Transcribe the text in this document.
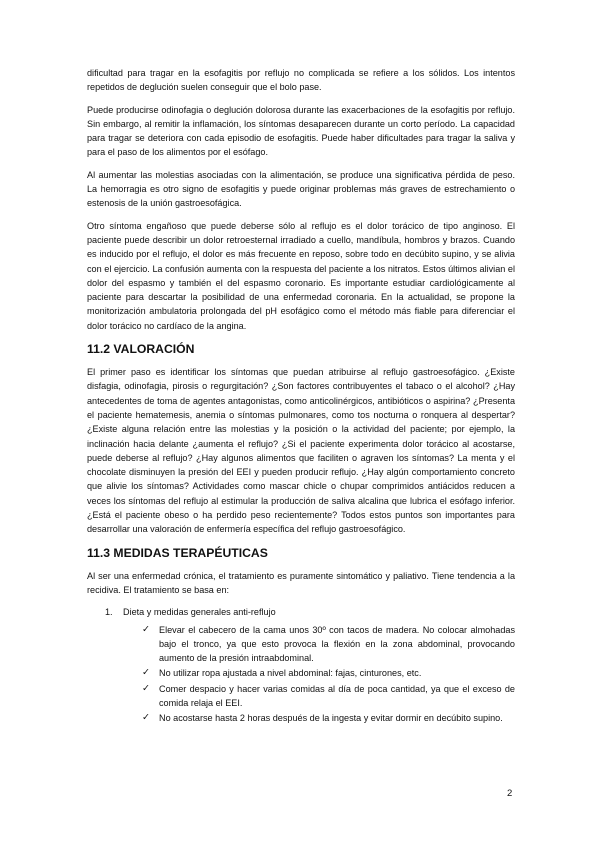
dificultad para tragar en la esofagitis por reflujo no complicada se refiere a los sólidos. Los intentos repetidos de deglución suelen conseguir que el bolo pase.

Puede producirse odinofagia o deglución dolorosa durante las exacerbaciones de la esofagitis por reflujo. Sin embargo, al remitir la inflamación, los síntomas desaparecen durante un corto período. La capacidad para tragar se deteriora con cada episodio de esofagitis. Puede haber dificultades para tragar la saliva y para el paso de los alimentos por el esófago.

Al aumentar las molestias asociadas con la alimentación, se produce una significativa pérdida de peso. La hemorragia es otro signo de esofagitis y puede originar problemas más graves de estrechamiento o estenosis de la unión gastroesofágica.

Otro síntoma engañoso que puede deberse sólo al reflujo es el dolor torácico de tipo anginoso. El paciente puede describir un dolor retroesternal irradiado a cuello, mandíbula, hombros y brazos. Cuando es inducido por el reflujo, el dolor es más frecuente en reposo, sobre todo en decúbito supino, y se alivia con el ejercicio. La confusión aumenta con la respuesta del paciente a los nitratos. Estos últimos alivian el dolor del espasmo y también el del espasmo coronario. Es importante estudiar cardiológicamente al paciente para descartar la posibilidad de una enfermedad coronaria. En la actualidad, se propone la monitorización ambulatoria prolongada del pH esofágico como el método más fiable para diferenciar el dolor torácico no cardíaco de la angina.

11.2 VALORACIÓN

El primer paso es identificar los síntomas que puedan atribuirse al reflujo gastroesofágico. ¿Existe disfagia, odinofagia, pirosis o regurgitación? ¿Son factores contribuyentes el tabaco o el alcohol? ¿Hay antecedentes de toma de agentes antagonistas, como anticolinérgicos, antibióticos o aspirina? ¿Presenta el paciente hematemesis, anemia o síntomas pulmonares, como tos nocturna o ronquera al despertar? ¿Existe alguna relación entre las molestias y la posición o la actividad del paciente; por ejemplo, la inclinación hacia delante ¿aumenta el reflujo? ¿Si el paciente experimenta dolor torácico al acostarse, puede deberse al reflujo? ¿Hay algunos alimentos que faciliten o agraven los síntomas? La menta y el chocolate disminuyen la presión del EEI y pueden producir reflujo. ¿Hay algún comportamiento concreto que alivie los síntomas? Actividades como mascar chicle o chupar comprimidos antiácidos reducen a veces los síntomas del reflujo al estimular la producción de saliva alcalina que lubrica el esófago inferior. ¿Está el paciente obeso o ha perdido peso recientemente? Todos estos puntos son importantes para desarrollar una valoración de enfermería específica del reflujo gastroesofágico.

11.3 MEDIDAS TERAPÉUTICAS

Al ser una enfermedad crónica, el tratamiento es puramente sintomático y paliativo. Tiene tendencia a la recidiva. El tratamiento se basa en:

1. Dieta y medidas generales anti-reflujo
✓ Elevar el cabecero de la cama unos 30º con tacos de madera. No colocar almohadas bajo el tronco, ya que esto provoca la flexión en la zona abdominal, provocando aumento de la presión intraabdominal.
✓ No utilizar ropa ajustada a nivel abdominal: fajas, cinturones, etc.
✓ Comer despacio y hacer varias comidas al día de poca cantidad, ya que el exceso de comida relaja el EEI.
✓ No acostarse hasta 2 horas después de la ingesta y evitar dormir en decúbito supino.
2
